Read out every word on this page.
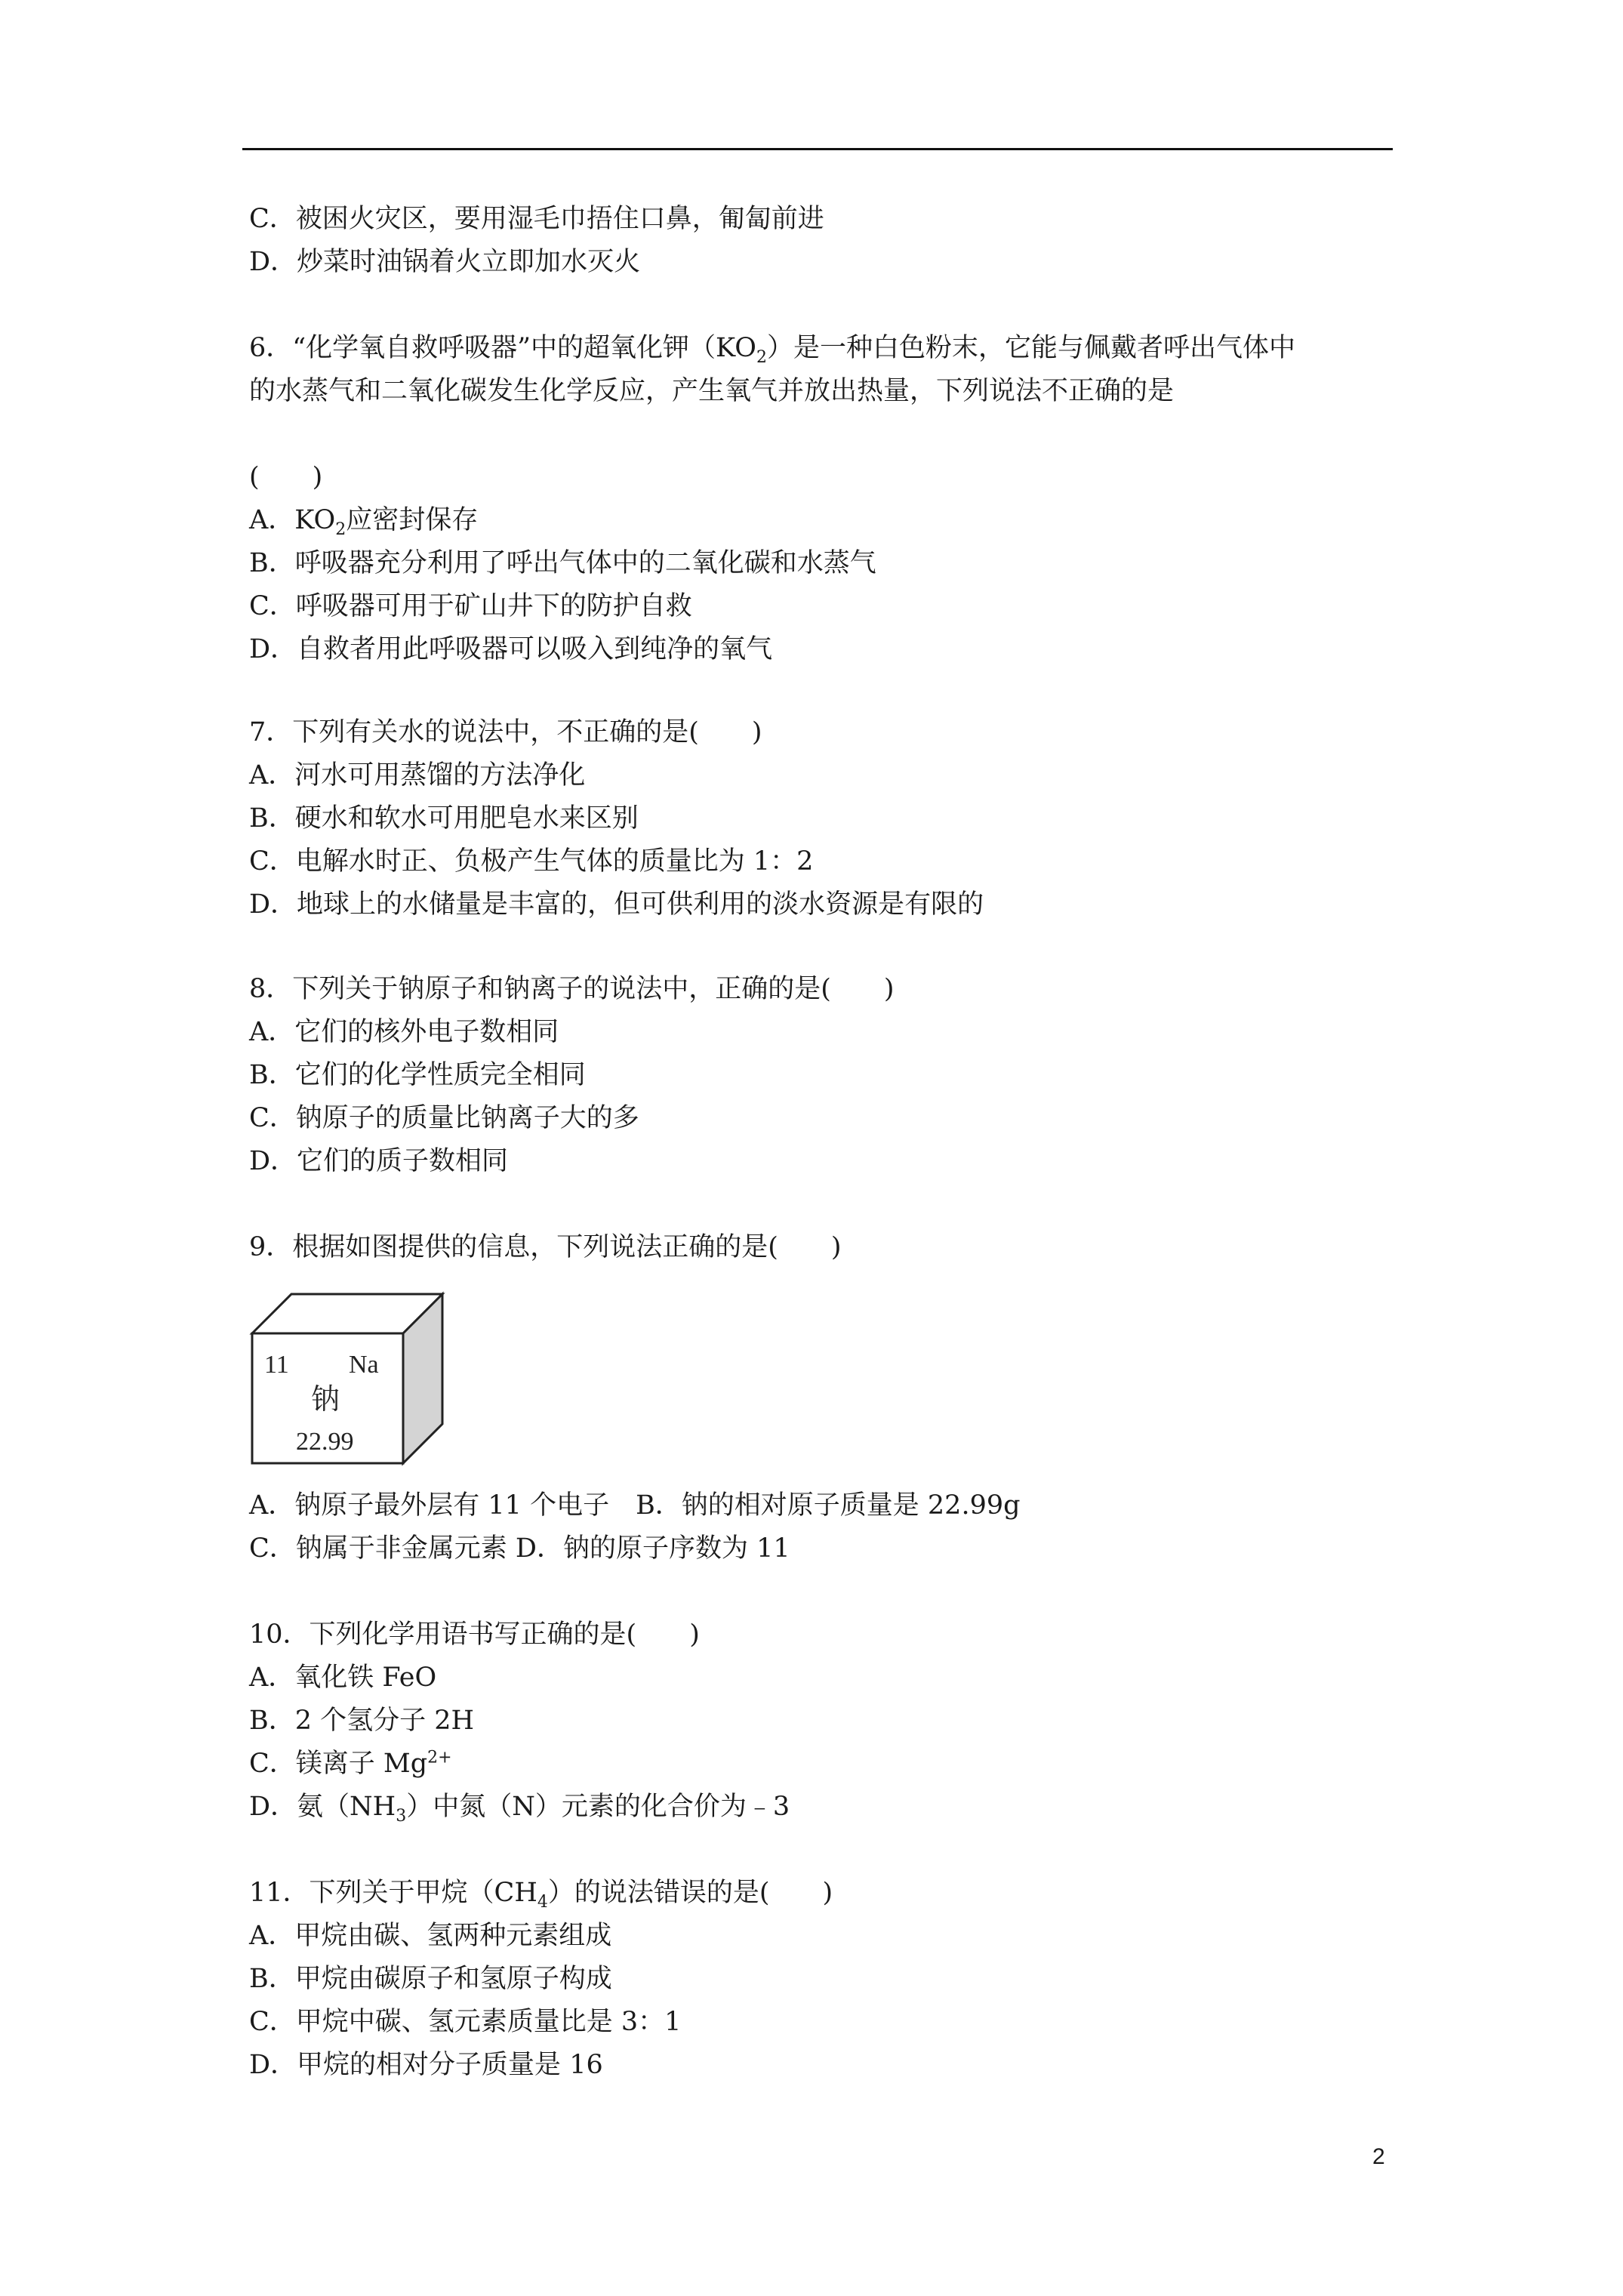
C．被困火灾区，要用湿毛巾捂住口鼻，匍匐前进
D．炒菜时油锅着火立即加水灭火
6．“化学氧自救呼吸器”中的超氧化钾$(KO_2)$是一种白色粉末，它能与佩戴者呼出气体中
的水蒸气和二氧化碳发生化学反应，产生氧气并放出热量，下列说法不正确的是
(　　)
A．$KO_2$应密封保存
B．呼吸器充分利用了呼出气体中的二氧化碳和水蒸气
C．呼吸器可用于矿山井下的防护自救
D．自救者用此呼吸器可以吸入到纯净的氧气
7．下列有关水的说法中，不正确的是(　　)
A．河水可用蒸馏的方法净化
B．硬水和软水可用肥皂水来区别
C．电解水时正、负极产生气体的质量比为 1：2
D．地球上的水储量是丰富的，但可供利用的淡水资源是有限的
8．下列关于钠原子和钠离子的说法中，正确的是(　　)
A．它们的核外电子数相同
B．它们的化学性质完全相同
C．钠原子的质量比钠离子大的多
D．它们的质子数相同
9．根据如图提供的信息，下列说法正确的是(　　)
11 Na
钠
22.99
A．钠原子最外层有 11 个电子　B．钠的相对原子质量是 22.99g
C．钠属于非金属元素 D．钠的原子序数为 11
10．下列化学用语书写正确的是(　　)
A．氧化铁 FeO
B．2 个氢分子 2H
C．镁离子 $Mg^{2+}$
D．氨$(NH_3)$中氮（N）元素的化合价为﹣3
11．下列关于甲烷$(CH_4)$的说法错误的是(　　)
A．甲烷由碳、氢两种元素组成
B．甲烷由碳原子和氢原子构成
C．甲烷中碳、氢元素质量比是 3：1
D．甲烷的相对分子质量是 16
2
